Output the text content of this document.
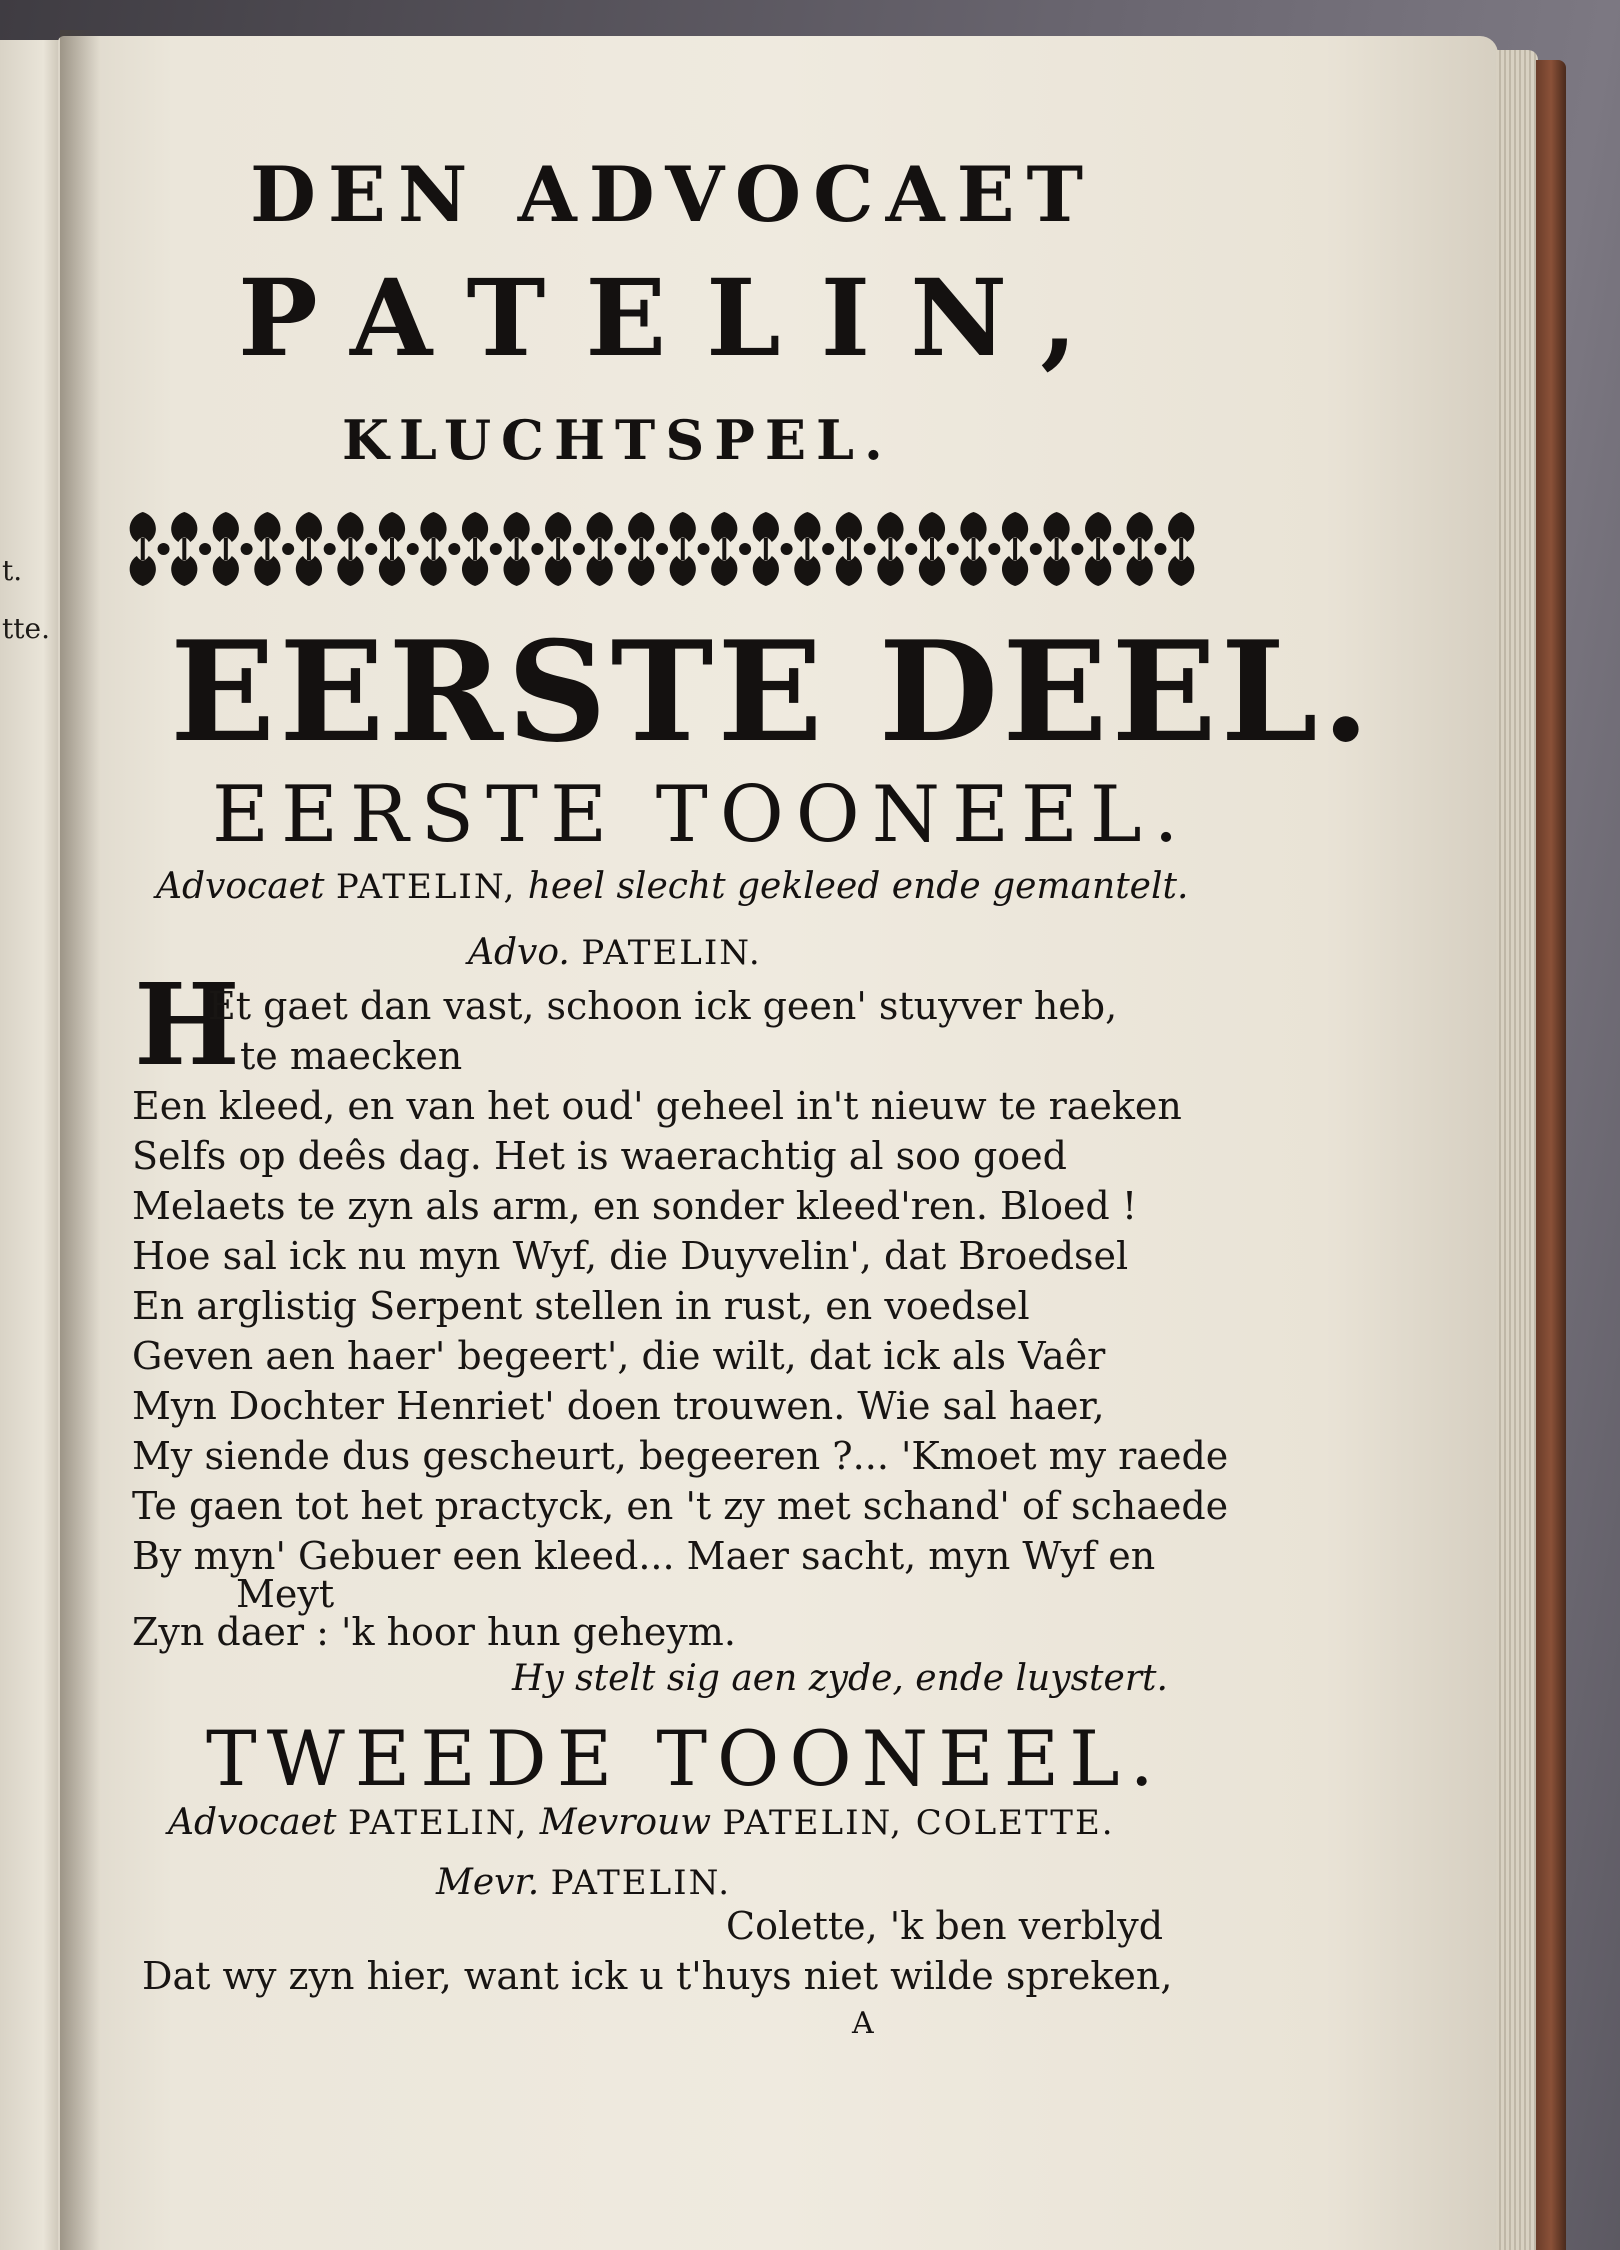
t.
tte.
DEN ADVOCAET
PATELIN,
KLUCHTSPEL.
EERSTE DEEL.
EERSTE TOONEEL.
Advocaet PATELIN, heel slecht gekleed ende gemantelt.
Advo. PATELIN.
H
Et gaet dan vast, schoon ick geen' stuyver heb,
te maecken
Een kleed, en van het oud' geheel in't nieuw te raeken
Selfs op deês dag. Het is waerachtig al soo goed
Melaets te zyn als arm, en sonder kleed'ren. Bloed !
Hoe sal ick nu myn Wyf, die Duyvelin', dat Broedsel
En arglistig Serpent stellen in rust, en voedsel
Geven aen haer' begeert', die wilt, dat ick als Vaêr
Myn Dochter Henriet' doen trouwen. Wie sal haer,
My siende dus gescheurt, begeeren ?... 'Kmoet my raede
Te gaen tot het practyck, en 't zy met schand' of schaede
By myn' Gebuer een kleed... Maer sacht, myn Wyf en
Meyt
Zyn daer : 'k hoor hun geheym.
Hy stelt sig aen zyde, ende luystert.
TWEEDE TOONEEL.
Advocaet PATELIN, Mevrouw PATELIN, COLETTE.
Mevr. PATELIN.
Colette, 'k ben verblyd
Dat wy zyn hier, want ick u t'huys niet wilde spreken,
A
